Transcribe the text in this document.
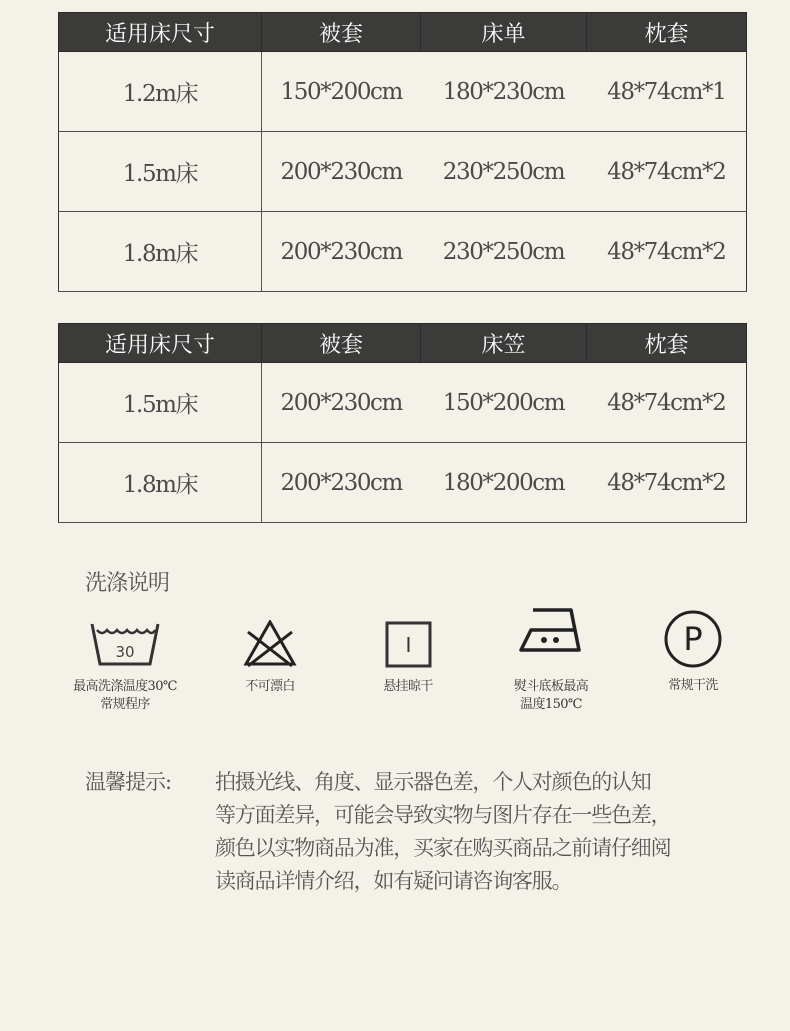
适用床尺寸	被套	床单	枕套
1.2m床	150*200cm	180*230cm	48*74cm*1
1.5m床	200*230cm	230*250cm	48*74cm*2
1.8m床	200*230cm	230*250cm	48*74cm*2
适用床尺寸	被套	床笠	枕套
1.5m床	200*230cm	150*200cm	48*74cm*2
1.8m床	200*230cm	180*200cm	48*74cm*2
洗涤说明
30
最高洗涤温度30℃
常规程序
不可漂白
I
悬挂晾干	熨斗底板最高
温度150℃
P
常规干洗
温馨提示: 拍摄光线、角度、显示器色差，个人对颜色的认知
等方面差异，可能会导致实物与图片存在一些色差，
颜色以实物商品为准，买家在购买商品之前请仔细阅
读商品详情介绍，如有疑问请咨询客服。
